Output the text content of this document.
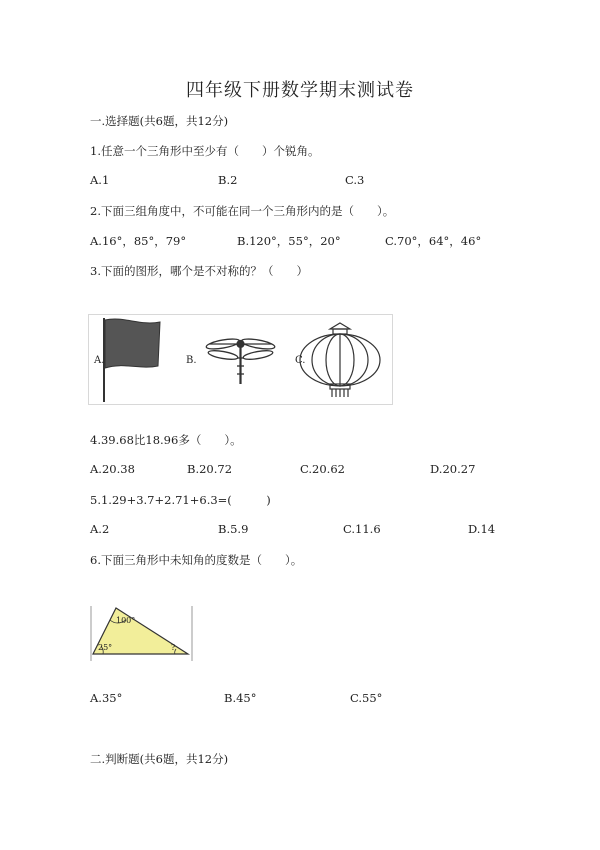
四年级下册数学期末测试卷
一.选择题(共6题，共12分)
1.任意一个三角形中至少有（　　）个锐角。
A.1	B.2	C.3
2.下面三组角度中，不可能在同一个三角形内的是（　　）。
A.16°，85°，79°	B.120°，55°，20°	C.70°，64°，46°
3.下面的图形，哪个是不对称的？（　　）
A.	B.	C.
4.39.68比18.96多（　　）。
A.20.38	B.20.72	C.20.62	D.20.27
5.1.29+3.7+2.71+6.3=(　　　)
A.2	B.5.9	C.11.6	D.14
6.下面三角形中未知角的度数是（　　）。
100°
25°	?
A.35°	B.45°	C.55°
二.判断题(共6题，共12分)
